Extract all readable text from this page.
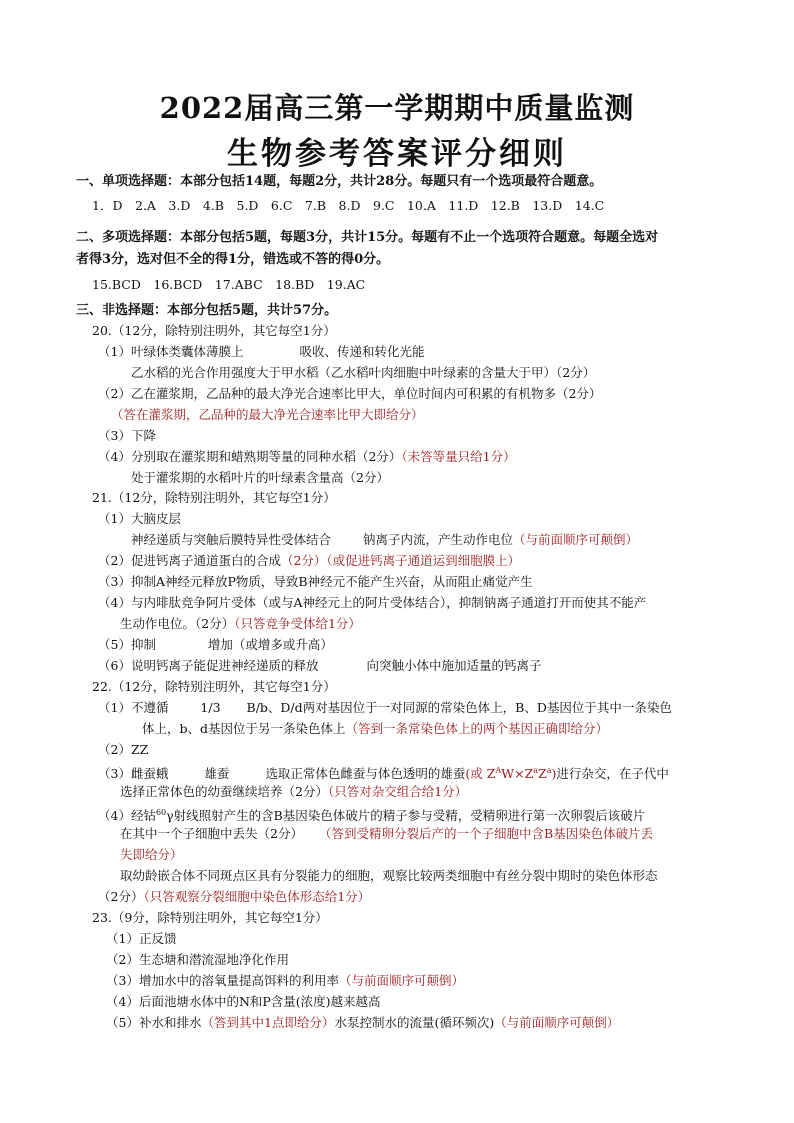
2022届高三第一学期期中质量监测
生物参考答案评分细则
一、单项选择题：本部分包括14题，每题2分，共计28分。每题只有一个选项最符合题意。
1．D　2.A　3.D　4.B　5.D　6.C　7.B　8.D　9.C　10.A　11.D　12.B　13.D　14.C
二、多项选择题：本部分包括5题，每题3分，共计15分。每题有不止一个选项符合题意。每题全选对
者得3分，选对但不全的得1分，错选或不答的得0分。
15.BCD　16.BCD　17.ABC　18.BD　19.AC
三、非选择题：本部分包括5题，共计57分。
20.（12分，除特别注明外，其它每空1分）
（1）叶绿体类囊体薄膜上	吸收、传递和转化光能
乙水稻的光合作用强度大于甲水稻（乙水稻叶肉细胞中叶绿素的含量大于甲）（2分）
（2）乙在灌浆期，乙品种的最大净光合速率比甲大，单位时间内可积累的有机物多（2分）
（答在灌浆期，乙品种的最大净光合速率比甲大即给分）
（3）下降
（4）分别取在灌浆期和蜡熟期等量的同种水稻（2分）（未答等量只给1分）
处于灌浆期的水稻叶片的叶绿素含量高（2分）
21.（12分，除特别注明外，其它每空1分）
（1）大脑皮层
神经递质与突触后膜特异性受体结合	钠离子内流，产生动作电位（与前面顺序可颠倒）
（2）促进钙离子通道蛋白的合成（2分）（或促进钙离子通道运到细胞膜上）
（3）抑制A神经元释放P物质，导致B神经元不能产生兴奋，从而阻止痛觉产生
（4）与内啡肽竞争阿片受体（或与A神经元上的阿片受体结合），抑制钠离子通道打开而使其不能产
生动作电位。（2分）（只答竞争受体给1分）
（5）抑制	增加（或增多或升高）
（6）说明钙离子能促进神经递质的释放	向突触小体中施加适量的钙离子
22.（12分，除特别注明外，其它每空1分）
（1）不遵循	1/3 B/b、D/d两对基因位于一对同源的常染色体上，B、D基因位于其中一条染色
体上，b、d基因位于另一条染色体上（答到一条常染色体上的两个基因正确即给分）
（2）ZZ
（3）雌蚕蛾	雄蚕	选取正常体色雌蚕与体色透明的雄蚕(或 $Z^AW\times Z^aZ^a$)进行杂交，在子代中
选择正常体色的幼蚕继续培养（2分）（只答对杂交组合给1分）
（4）经钴$^{60}$γ射线照射产生的含B基因染色体破片的精子参与受精，受精卵进行第一次卵裂后该破片
在其中一个子细胞中丢失（2分） （答到受精卵分裂后产的一个子细胞中含B基因染色体破片丢
失即给分）
取幼龄嵌合体不同斑点区具有分裂能力的细胞，观察比较两类细胞中有丝分裂中期时的染色体形态
（2分）（只答观察分裂细胞中染色体形态给1分）
23.（9分，除特别注明外，其它每空1分）
（1）正反馈
（2）生态塘和潜流湿地净化作用
（3）增加水中的溶氧量提高饵料的利用率（与前面顺序可颠倒）
（4）后面池塘水体中的N和P含量(浓度)越来越高
（5）补水和排水（答到其中1点即给分）水泵控制水的流量(循环频次)（与前面顺序可颠倒）
